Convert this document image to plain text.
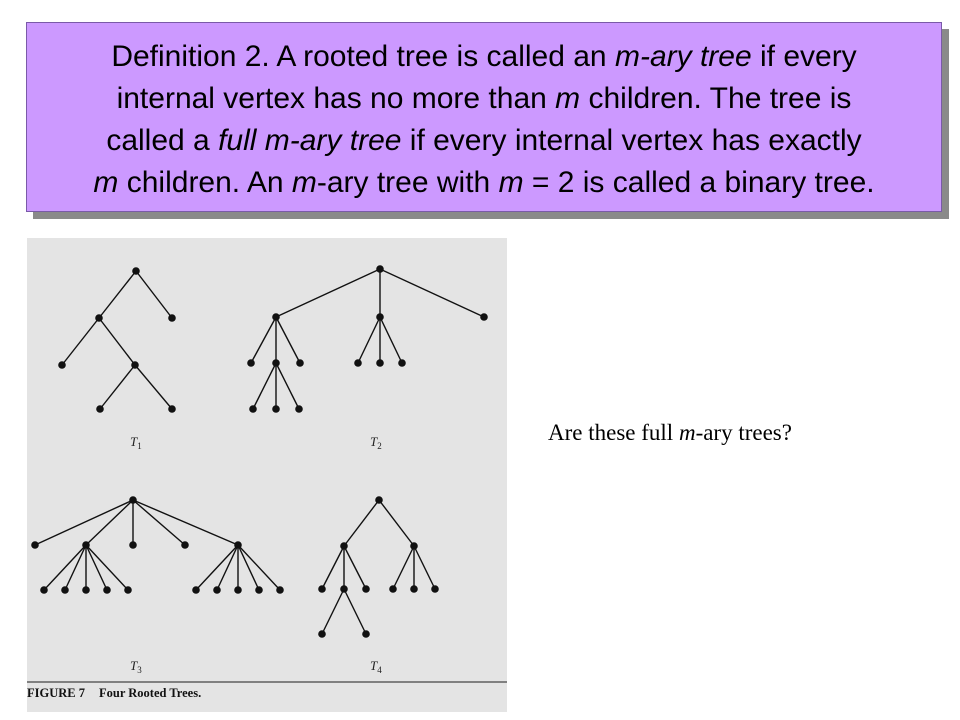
Definition 2. A rooted tree is called an m-ary tree if every
internal vertex has no more than m children. The tree is
called a full m-ary tree if every internal vertex has exactly
m children. An m-ary tree with m = 2 is called a binary tree.
$T_1$	$T_2$
$T_3$	$T_4$
FIGURE 7 Four Rooted Trees.
Are these full m-ary trees?
